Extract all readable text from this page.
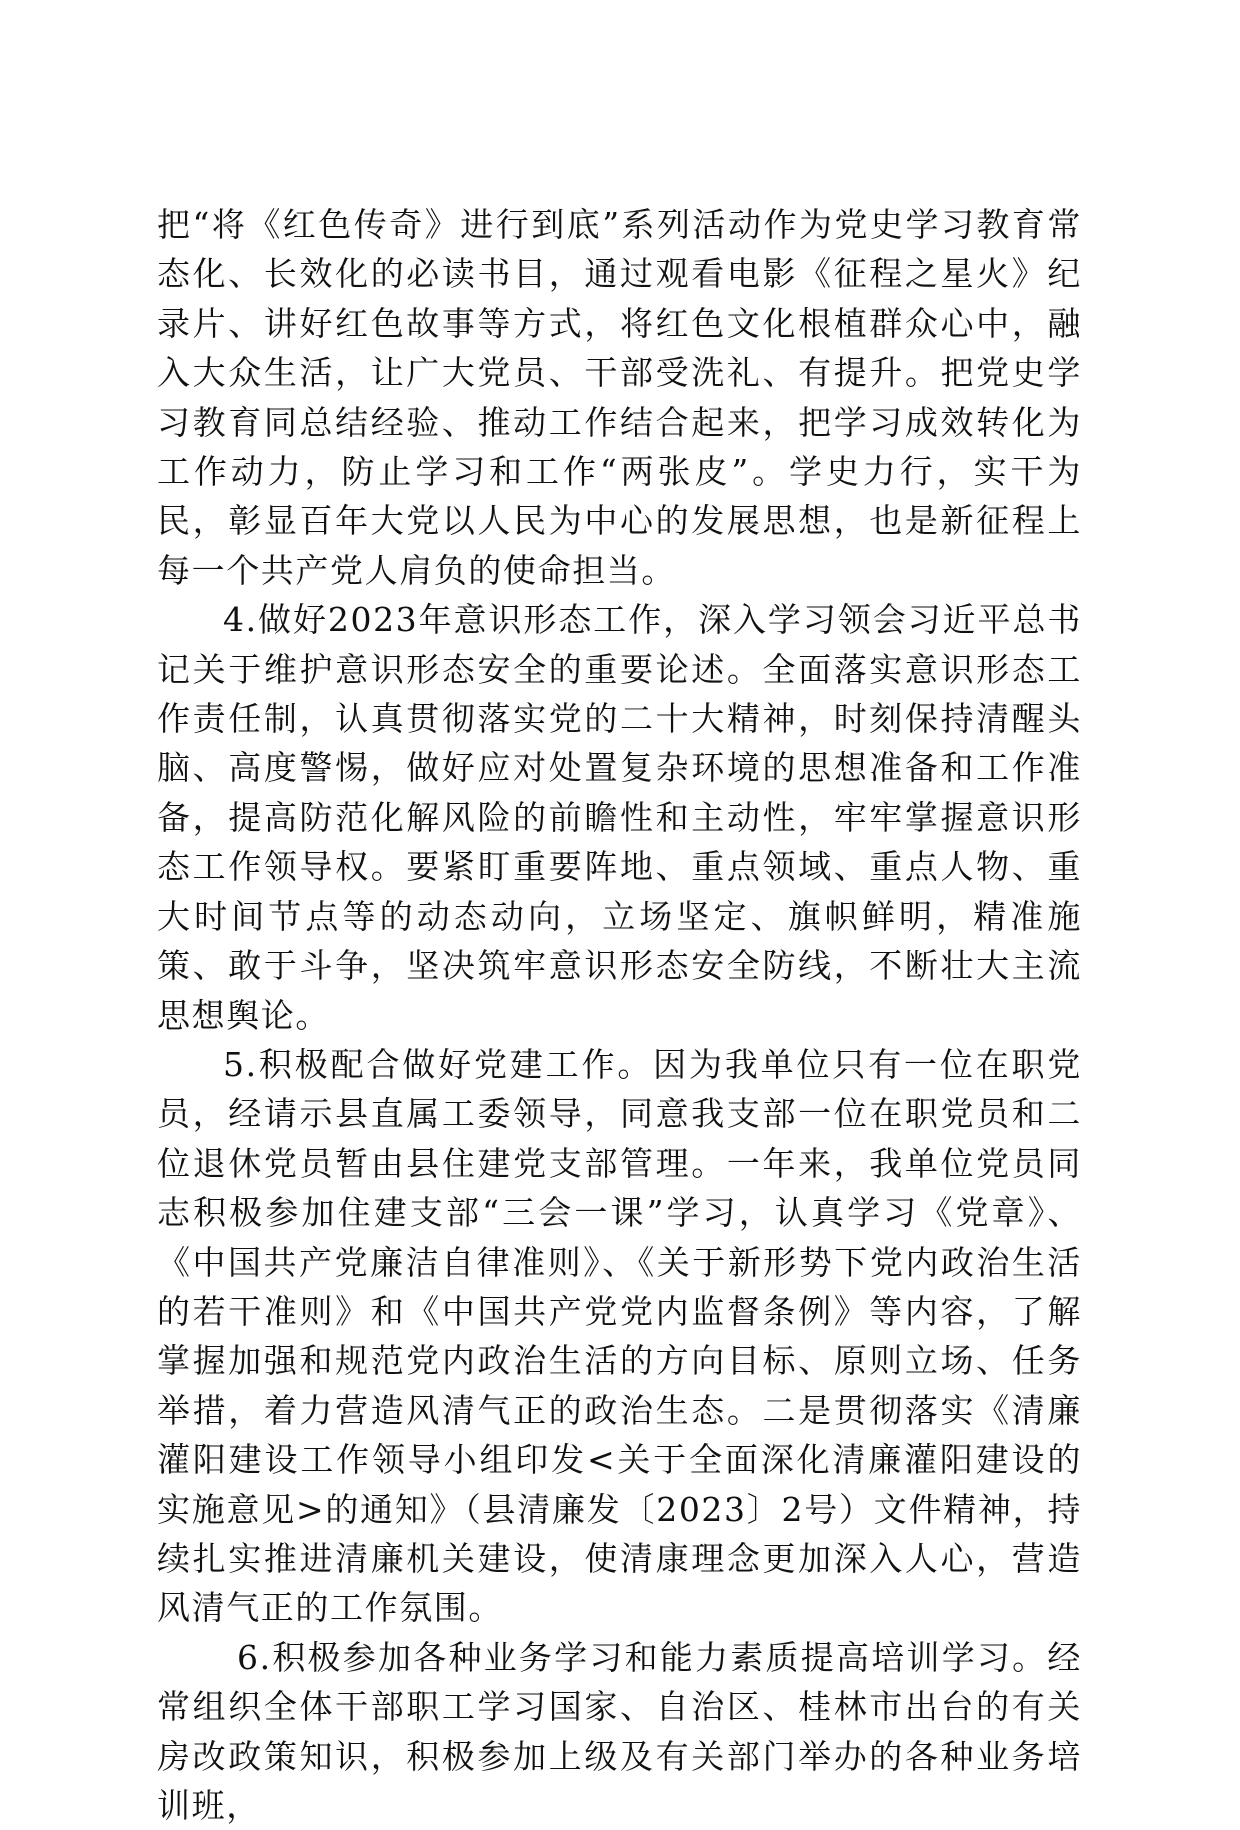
把“将《红色传奇》进行到底”系列活动作为党史学习教育常态化、长效化的必读书目，通过观看电影《征程之星火》纪录片、讲好红色故事等方式，将红色文化根植群众心中，融入大众生活，让广大党员、干部受洗礼、有提升。把党史学习教育同总结经验、推动工作结合起来，把学习成效转化为工作动力，防止学习和工作“两张皮”。学史力行，实干为民，彰显百年大党以人民为中心的发展思想，也是新征程上每一个共产党人肩负的使命担当。

4.做好2023年意识形态工作，深入学习领会习近平总书记关于维护意识形态安全的重要论述。全面落实意识形态工作责任制，认真贯彻落实党的二十大精神，时刻保持清醒头脑、高度警惕，做好应对处置复杂环境的思想准备和工作准备，提高防范化解风险的前瞻性和主动性，牢牢掌握意识形态工作领导权。要紧盯重要阵地、重点领域、重点人物、重大时间节点等的动态动向，立场坚定、旗帜鲜明，精准施策、敢于斗争，坚决筑牢意识形态安全防线，不断壮大主流思想舆论。

5.积极配合做好党建工作。因为我单位只有一位在职党员，经请示县直属工委领导，同意我支部一位在职党员和二位退休党员暂由县住建党支部管理。一年来，我单位党员同志积极参加住建支部“三会一课”学习，认真学习《党章》、《中国共产党廉洁自律准则》、《关于新形势下党内政治生活的若干准则》和《中国共产党党内监督条例》等内容，了解掌握加强和规范党内政治生活的方向目标、原则立场、任务举措，着力营造风清气正的政治生态。二是贯彻落实《清廉灌阳建设工作领导小组印发<关于全面深化清廉灌阳建设的实施意见>的通知》（县清廉发〔2023〕2号）文件精神，持续扎实推进清廉机关建设，使清康理念更加深入人心，营造风清气正的工作氛围。

6.积极参加各种业务学习和能力素质提高培训学习。经常组织全体干部职工学习国家、自治区、桂林市出台的有关房改政策知识，积极参加上级及有关部门举办的各种业务培训班，
